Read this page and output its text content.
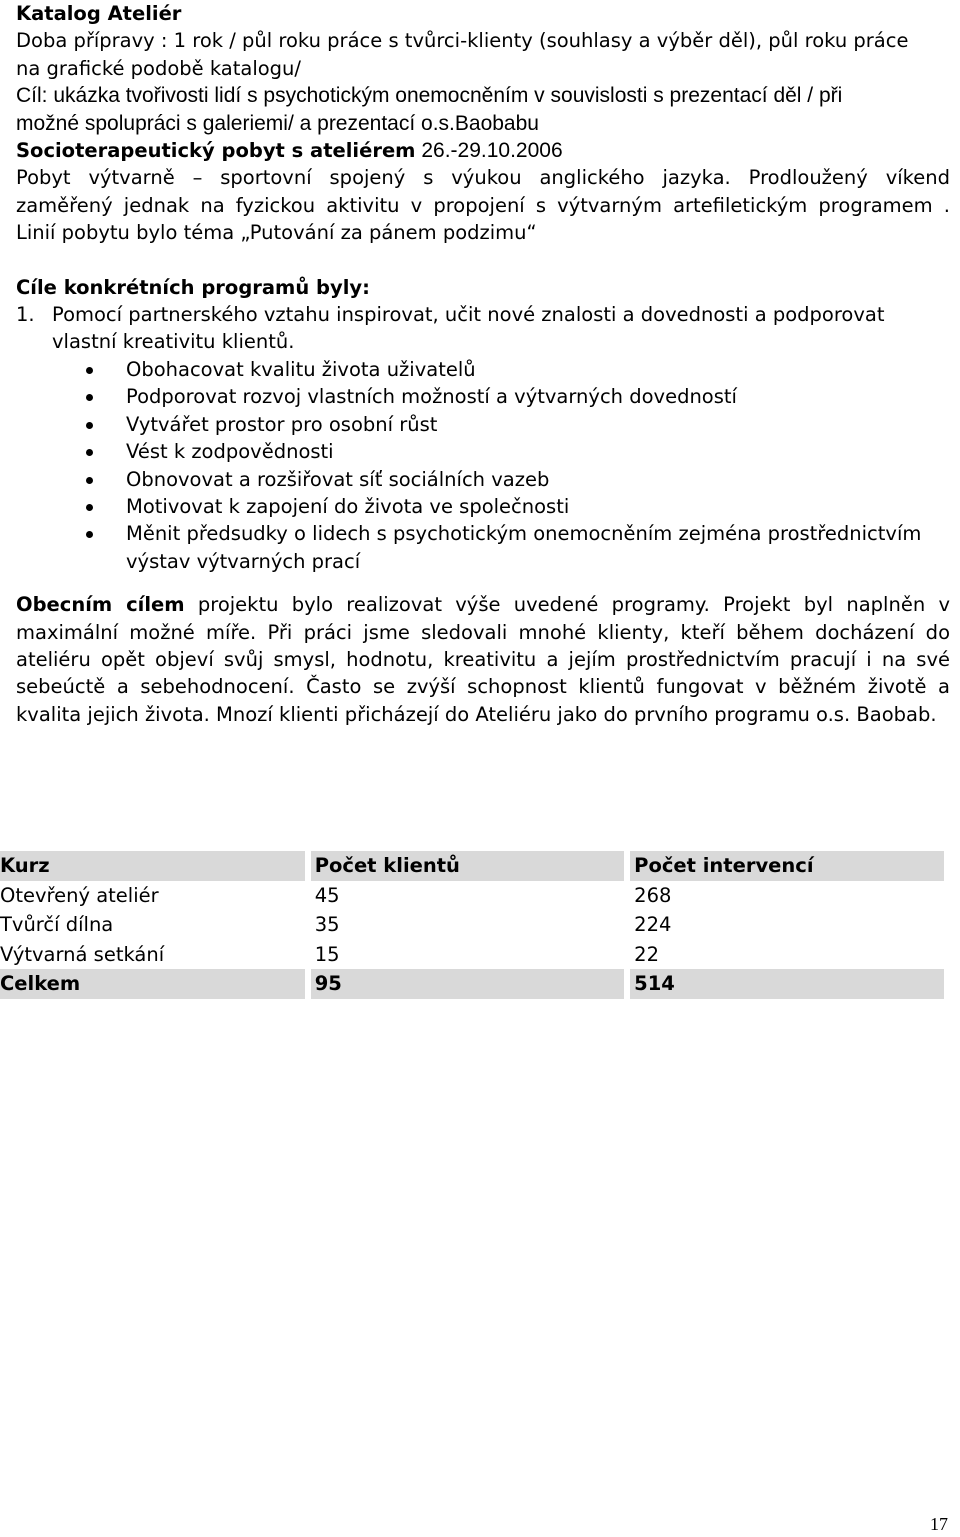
Katalog Ateliér
Doba přípravy : 1 rok / půl roku práce s tvůrci-klienty (souhlasy a výběr děl), půl roku práce
na grafické podobě katalogu/
Cíl: ukázka tvořivosti lidí s psychotickým onemocněním v souvislosti s prezentací děl / při
možné spolupráci s galeriemi/ a prezentací o.s.Baobabu
Socioterapeutický pobyt s ateliérem 26.-29.10.2006
Pobyt výtvarně – sportovní spojený s výukou anglického jazyka. Prodloužený víkend
zaměřený jednak na fyzickou aktivitu v propojení s výtvarným artefiletickým programem .
Linií pobytu bylo téma „Putování za pánem podzimu“
Cíle konkrétních programů byly:
1. Pomocí partnerského vztahu inspirovat, učit nové znalosti a dovednosti a podporovat
vlastní kreativitu klientů.
Obohacovat kvalitu života uživatelů
Podporovat rozvoj vlastních možností a výtvarných dovedností
Vytvářet prostor pro osobní růst
Vést k zodpovědnosti
Obnovovat a rozšiřovat síť sociálních vazeb
Motivovat k zapojení do života ve společnosti
Měnit předsudky o lidech s psychotickým onemocněním zejména prostřednictvím
výstav výtvarných prací
Obecním cílem projektu bylo realizovat výše uvedené programy. Projekt byl naplněn v maximální možné míře. Při práci jsme sledovali mnohé klienty, kteří během docházení do ateliéru opět objeví svůj smysl, hodnotu, kreativitu a jejím prostřednictvím pracují i na své sebeúctě a sebehodnocení. Často se zvýší schopnost klientů fungovat v běžném životě a kvalita jejich života. Mnozí klienti přicházejí do Ateliéru jako do prvního programu o.s. Baobab.
Kurz	Počet klientů	Počet intervencí
Otevřený ateliér	45	268
Tvůrčí dílna	35	224
Výtvarná setkání	15	22
Celkem	95	514
17
